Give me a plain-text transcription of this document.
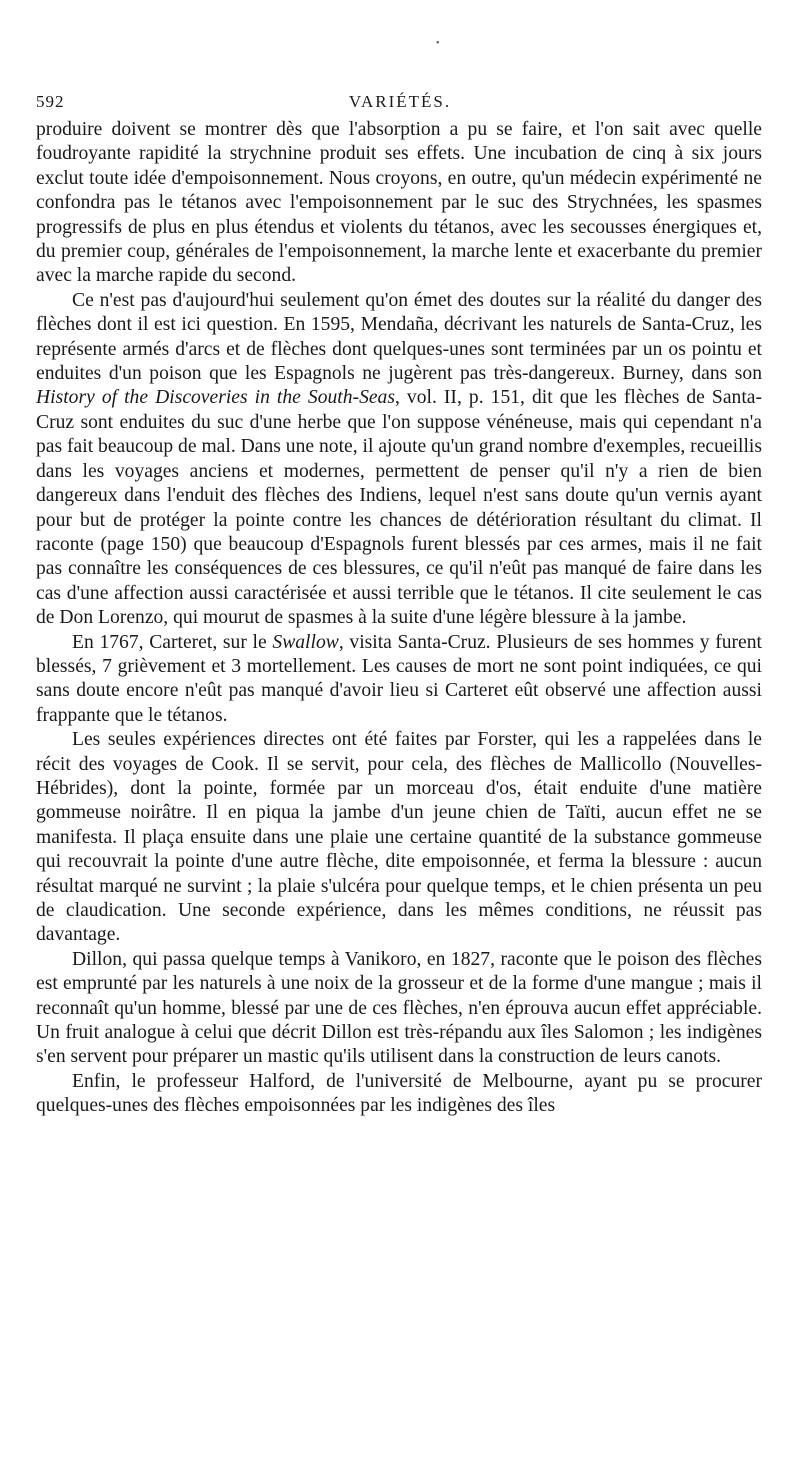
•
592	VARIÉTÉS.

produire doivent se montrer dès que l'absorption a pu se faire, et l'on sait avec quelle foudroyante rapidité la strychnine produit ses effets. Une incubation de cinq à six jours exclut toute idée d'empoisonnement. Nous croyons, en outre, qu'un médecin expérimenté ne confondra pas le tétanos avec l'empoisonnement par le suc des Strychnées, les spasmes progressifs de plus en plus étendus et violents du tétanos, avec les secousses énergiques et, du premier coup, générales de l'empoisonnement, la marche lente et exacerbante du premier avec la marche rapide du second.

Ce n'est pas d'aujourd'hui seulement qu'on émet des doutes sur la réalité du danger des flèches dont il est ici question. En 1595, Mendaña, décrivant les naturels de Santa-Cruz, les représente armés d'arcs et de flèches dont quelques-unes sont terminées par un os pointu et enduites d'un poison que les Espagnols ne jugèrent pas très-dangereux. Burney, dans son History of the Discoveries in the South-Seas, vol. II, p. 151, dit que les flèches de Santa-Cruz sont enduites du suc d'une herbe que l'on suppose vénéneuse, mais qui cependant n'a pas fait beaucoup de mal. Dans une note, il ajoute qu'un grand nombre d'exemples, recueillis dans les voyages anciens et modernes, permettent de penser qu'il n'y a rien de bien dangereux dans l'enduit des flèches des Indiens, lequel n'est sans doute qu'un vernis ayant pour but de protéger la pointe contre les chances de détérioration résultant du climat. Il raconte (page 150) que beaucoup d'Espagnols furent blessés par ces armes, mais il ne fait pas connaître les conséquences de ces blessures, ce qu'il n'eût pas manqué de faire dans les cas d'une affection aussi caractérisée et aussi terrible que le tétanos. Il cite seulement le cas de Don Lorenzo, qui mourut de spasmes à la suite d'une légère blessure à la jambe.

En 1767, Carteret, sur le Swallow, visita Santa-Cruz. Plusieurs de ses hommes y furent blessés, 7 grièvement et 3 mortellement. Les causes de mort ne sont point indiquées, ce qui sans doute encore n'eût pas manqué d'avoir lieu si Carteret eût observé une affection aussi frappante que le tétanos.

Les seules expériences directes ont été faites par Forster, qui les a rappelées dans le récit des voyages de Cook. Il se servit, pour cela, des flèches de Mallicollo (Nouvelles-Hébrides), dont la pointe, formée par un morceau d'os, était enduite d'une matière gommeuse noirâtre. Il en piqua la jambe d'un jeune chien de Taïti, aucun effet ne se manifesta. Il plaça ensuite dans une plaie une certaine quantité de la substance gommeuse qui recouvrait la pointe d'une autre flèche, dite empoisonnée, et ferma la blessure : aucun résultat marqué ne survint ; la plaie s'ulcéra pour quelque temps, et le chien présenta un peu de claudication. Une seconde expérience, dans les mêmes conditions, ne réussit pas davantage.

Dillon, qui passa quelque temps à Vanikoro, en 1827, raconte que le poison des flèches est emprunté par les naturels à une noix de la grosseur et de la forme d'une mangue ; mais il reconnaît qu'un homme, blessé par une de ces flèches, n'en éprouva aucun effet appréciable. Un fruit analogue à celui que décrit Dillon est très-répandu aux îles Salomon ; les indigènes s'en servent pour préparer un mastic qu'ils utilisent dans la construction de leurs canots.

Enfin, le professeur Halford, de l'université de Melbourne, ayant pu se procurer quelques-unes des flèches empoisonnées par les indigènes des îles
